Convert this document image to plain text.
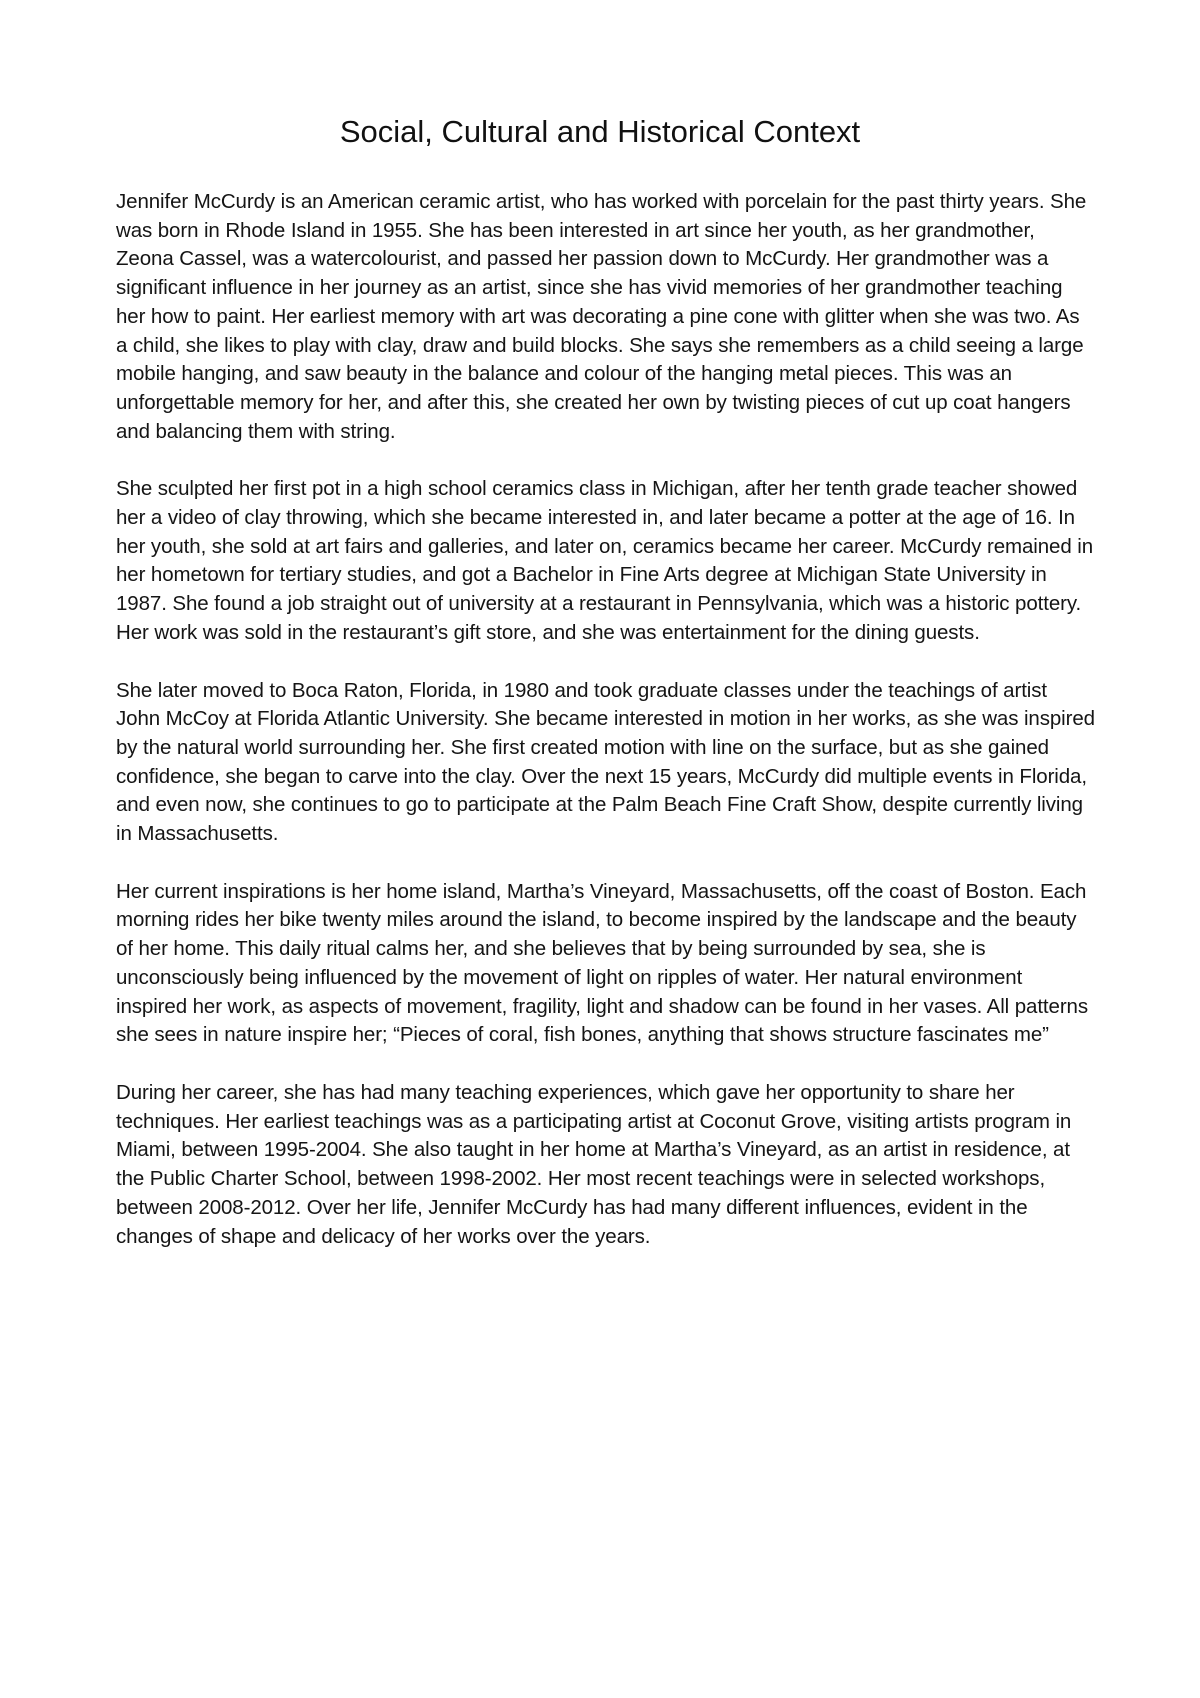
Social, Cultural and Historical Context

Jennifer McCurdy is an American ceramic artist, who has worked with porcelain for the past thirty years. She was born in Rhode Island in 1955. She has been interested in art since her youth, as her grandmother, Zeona Cassel, was a watercolourist, and passed her passion down to McCurdy. Her grandmother was a significant influence in her journey as an artist, since she has vivid memories of her grandmother teaching her how to paint. Her earliest memory with art was decorating a pine cone with glitter when she was two. As a child, she likes to play with clay, draw and build blocks. She says she remembers as a child seeing a large mobile hanging, and saw beauty in the balance and colour of the hanging metal pieces. This was an unforgettable memory for her, and after this, she created her own by twisting pieces of cut up coat hangers and balancing them with string.

She sculpted her first pot in a high school ceramics class in Michigan, after her tenth grade teacher showed her a video of clay throwing, which she became interested in, and later became a potter at the age of 16. In her youth, she sold at art fairs and galleries, and later on, ceramics became her career. McCurdy remained in her hometown for tertiary studies, and got a Bachelor in Fine Arts degree at Michigan State University in 1987. She found a job straight out of university at a restaurant in Pennsylvania, which was a historic pottery. Her work was sold in the restaurant’s gift store, and she was entertainment for the dining guests.

She later moved to Boca Raton, Florida, in 1980 and took graduate classes under the teachings of artist John McCoy at Florida Atlantic University. She became interested in motion in her works, as she was inspired by the natural world surrounding her. She first created motion with line on the surface, but as she gained confidence, she began to carve into the clay. Over the next 15 years, McCurdy did multiple events in Florida, and even now, she continues to go to participate at the Palm Beach Fine Craft Show, despite currently living in Massachusetts.

Her current inspirations is her home island, Martha’s Vineyard, Massachusetts, off the coast of Boston. Each morning rides her bike twenty miles around the island, to become inspired by the landscape and the beauty of her home. This daily ritual calms her, and she believes that by being surrounded by sea, she is unconsciously being influenced by the movement of light on ripples of water. Her natural environment inspired her work, as aspects of movement, fragility, light and shadow can be found in her vases. All patterns she sees in nature inspire her; “Pieces of coral, fish bones, anything that shows structure fascinates me”

During her career, she has had many teaching experiences, which gave her opportunity to share her techniques. Her earliest teachings was as a participating artist at Coconut Grove, visiting artists program in Miami, between 1995-2004. She also taught in her home at Martha’s Vineyard, as an artist in residence, at the Public Charter School, between 1998-2002. Her most recent teachings were in selected workshops, between 2008-2012. Over her life, Jennifer McCurdy has had many different influences, evident in the changes of shape and delicacy of her works over the years.
